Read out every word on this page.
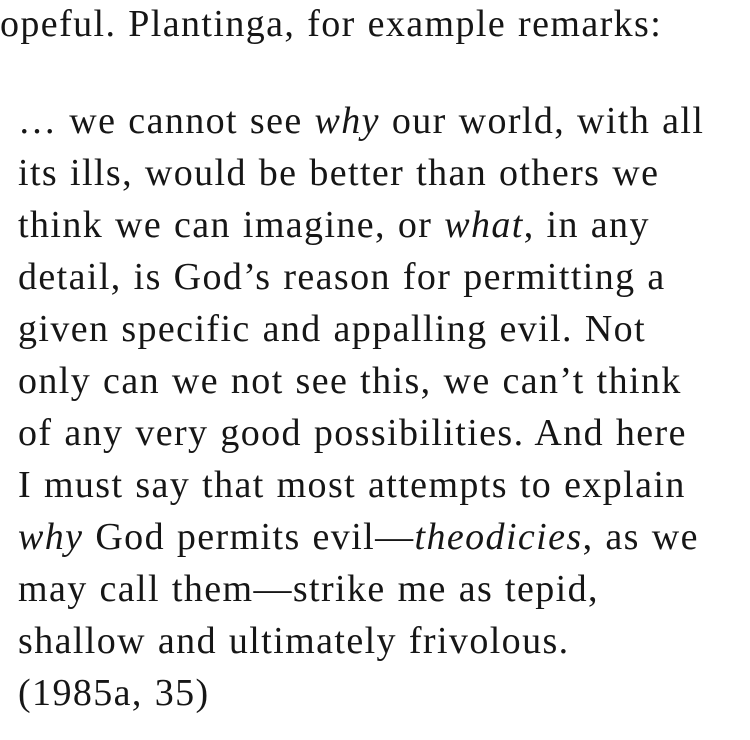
opeful. Plantinga, for example remarks:
… we cannot see why our world, with all
its ills, would be better than others we
think we can imagine, or what, in any
detail, is God’s reason for permitting a
given specific and appalling evil. Not
only can we not see this, we can’t think
of any very good possibilities. And here
I must say that most attempts to explain
why God permits evil—theodicies, as we
may call them—strike me as tepid,
shallow and ultimately frivolous.
(1985a, 35)
